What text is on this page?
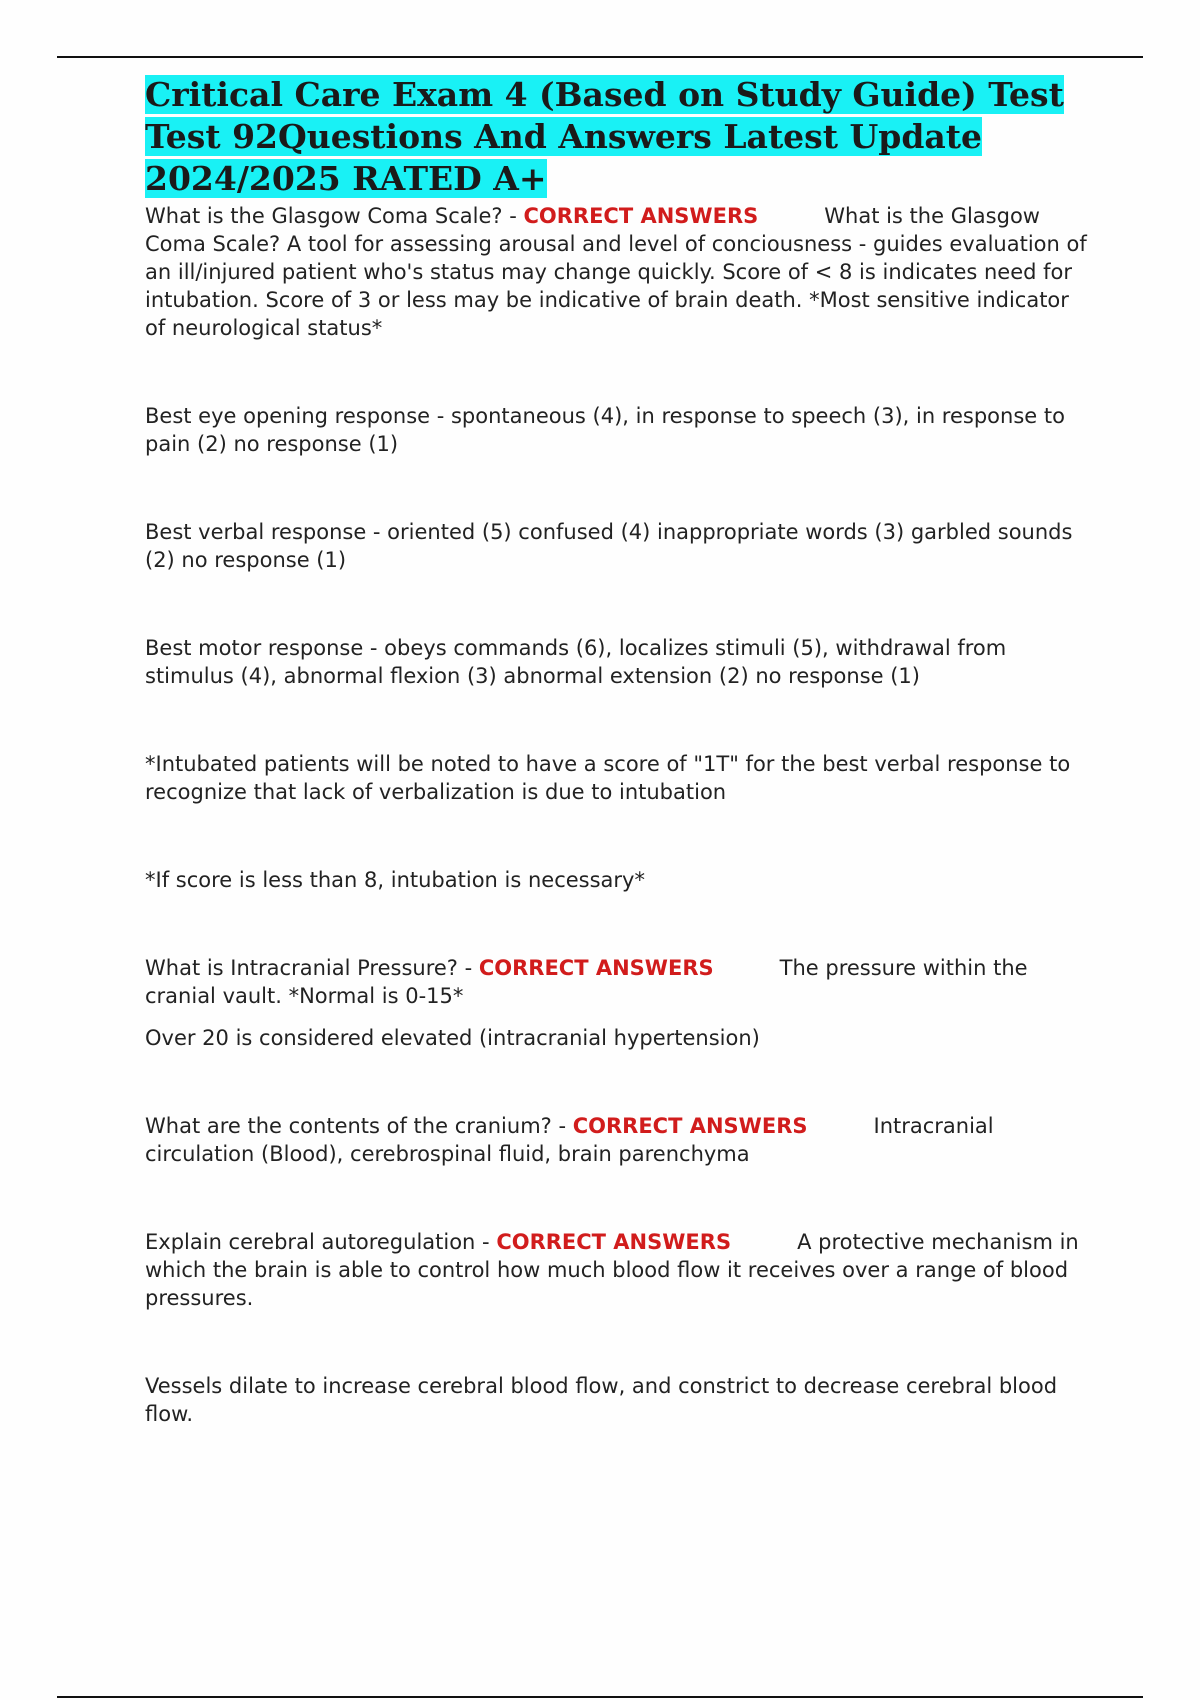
Critical Care Exam 4 (Based on Study Guide) Test Test 92Questions And Answers Latest Update 2024/2025 RATED A+

What is the Glasgow Coma Scale? - CORRECT ANSWERS	What is the Glasgow Coma Scale? A tool for assessing arousal and level of conciousness - guides evaluation of an ill/injured patient who's status may change quickly. Score of < 8 is indicates need for intubation. Score of 3 or less may be indicative of brain death. *Most sensitive indicator of neurological status*

Best eye opening response - spontaneous (4), in response to speech (3), in response to pain (2) no response (1)

Best verbal response - oriented (5) confused (4) inappropriate words (3) garbled sounds (2) no response (1)

Best motor response - obeys commands (6), localizes stimuli (5), withdrawal from stimulus (4), abnormal flexion (3) abnormal extension (2) no response (1)

*Intubated patients will be noted to have a score of "1T" for the best verbal response to recognize that lack of verbalization is due to intubation

*If score is less than 8, intubation is necessary*

What is Intracranial Pressure? - CORRECT ANSWERS	The pressure within the cranial vault. *Normal is 0-15*

Over 20 is considered elevated (intracranial hypertension)

What are the contents of the cranium? - CORRECT ANSWERS	Intracranial circulation (Blood), cerebrospinal fluid, brain parenchyma

Explain cerebral autoregulation - CORRECT ANSWERS	A protective mechanism in which the brain is able to control how much blood flow it receives over a range of blood pressures.

Vessels dilate to increase cerebral blood flow, and constrict to decrease cerebral blood flow.
